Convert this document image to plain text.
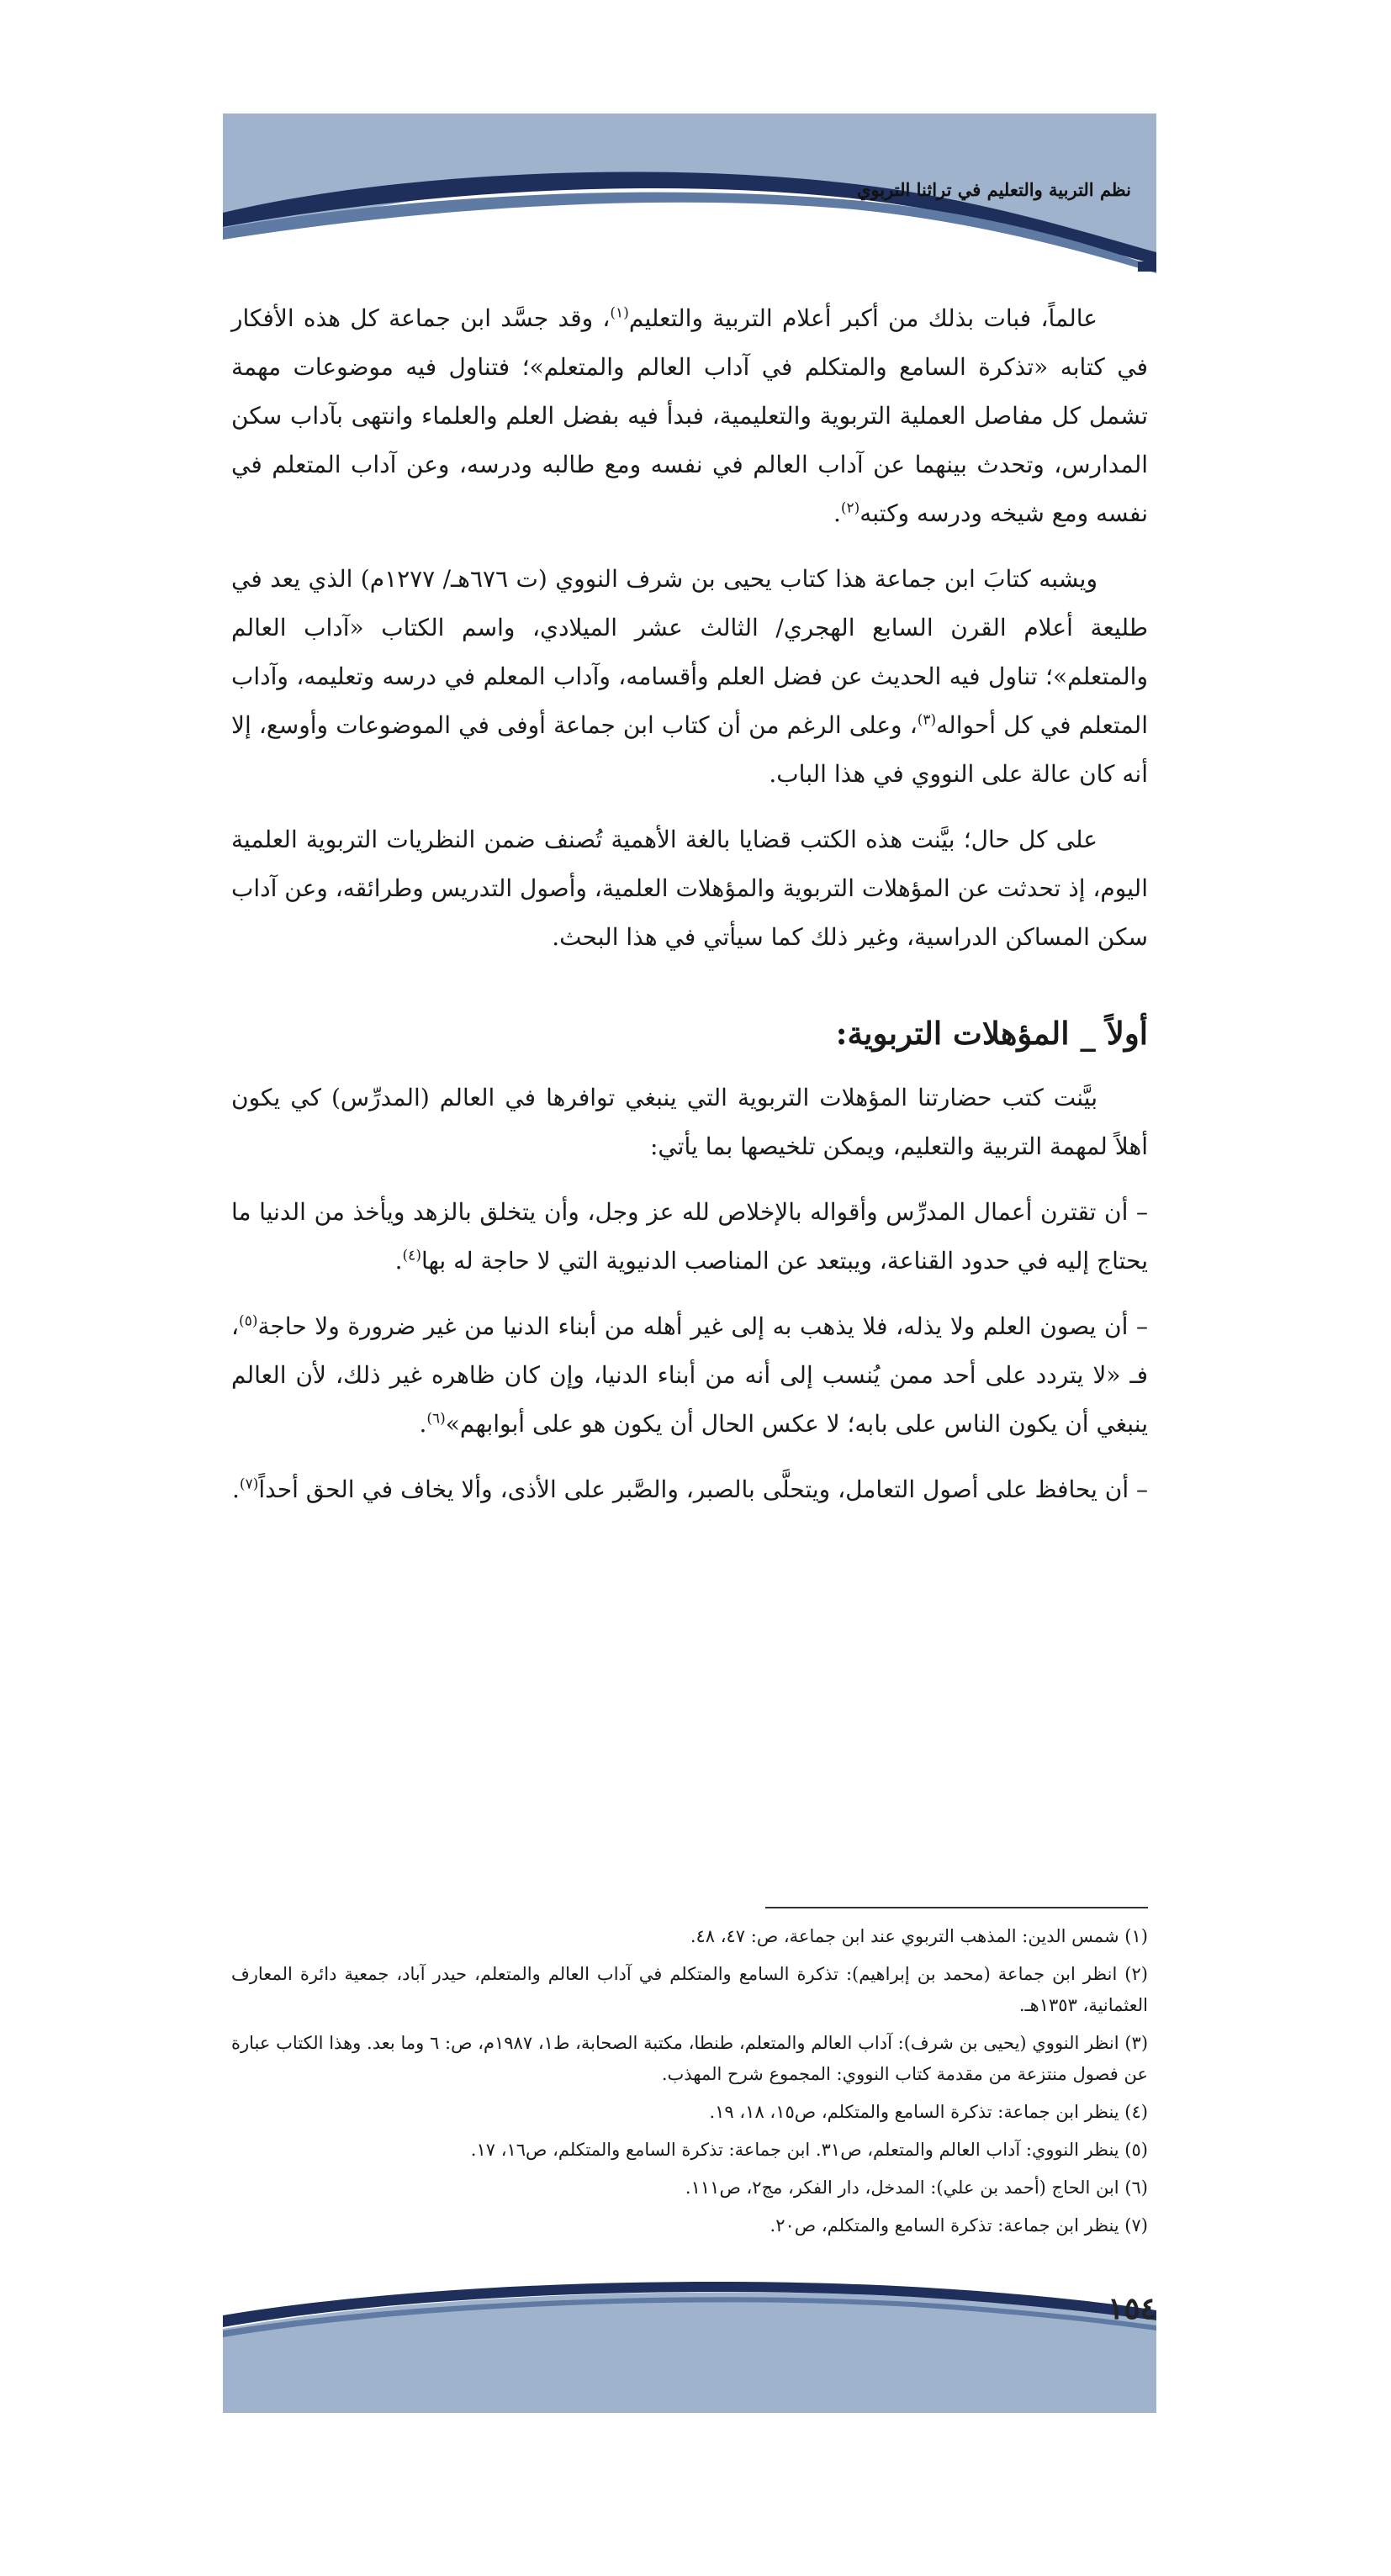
نظم التربية والتعليم في تراثنا التربوي

عالماً، فبات بذلك من أكبر أعلام التربية والتعليم$^{(١)}$، وقد جسَّد ابن جماعة كل هذه الأفكار في كتابه «تذكرة السامع والمتكلم في آداب العالم والمتعلم»؛ فتناول فيه موضوعات مهمة تشمل كل مفاصل العملية التربوية والتعليمية، فبدأ فيه بفضل العلم والعلماء وانتهى بآداب سكن المدارس، وتحدث بينهما عن آداب العالم في نفسه ومع طالبه ودرسه، وعن آداب المتعلم في نفسه ومع شيخه ودرسه وكتبه$^{(٢)}$.

ويشبه كتابَ ابن جماعة هذا كتاب يحيى بن شرف النووي (ت ٦٧٦هـ/ ١٢٧٧م) الذي يعد في طليعة أعلام القرن السابع الهجري/ الثالث عشر الميلادي، واسم الكتاب «آداب العالم والمتعلم»؛ تناول فيه الحديث عن فضل العلم وأقسامه، وآداب المعلم في درسه وتعليمه، وآداب المتعلم في كل أحواله$^{(٣)}$، وعلى الرغم من أن كتاب ابن جماعة أوفى في الموضوعات وأوسع، إلا أنه كان عالة على النووي في هذا الباب.

على كل حال؛ بيَّنت هذه الكتب قضايا بالغة الأهمية تُصنف ضمن النظريات التربوية العلمية اليوم، إذ تحدثت عن المؤهلات التربوية والمؤهلات العلمية، وأصول التدريس وطرائقه، وعن آداب سكن المساكن الدراسية، وغير ذلك كما سيأتي في هذا البحث.

أولاً _ المؤهلات التربوية:

بيَّنت كتب حضارتنا المؤهلات التربوية التي ينبغي توافرها في العالم (المدرِّس) كي يكون أهلاً لمهمة التربية والتعليم، ويمكن تلخيصها بما يأتي:

– أن تقترن أعمال المدرِّس وأقواله بالإخلاص لله عز وجل، وأن يتخلق بالزهد ويأخذ من الدنيا ما يحتاج إليه في حدود القناعة، ويبتعد عن المناصب الدنيوية التي لا حاجة له بها$^{(٤)}$.

– أن يصون العلم ولا يذله، فلا يذهب به إلى غير أهله من أبناء الدنيا من غير ضرورة ولا حاجة$^{(٥)}$، فـ «لا يتردد على أحد ممن يُنسب إلى أنه من أبناء الدنيا، وإن كان ظاهره غير ذلك، لأن العالم ينبغي أن يكون الناس على بابه؛ لا عكس الحال أن يكون هو على أبوابهم»$^{(٦)}$.

– أن يحافظ على أصول التعامل، ويتحلَّى بالصبر، والصَّبر على الأذى، وألا يخاف في الحق أحداً$^{(٧)}$.

(١) شمس الدين: المذهب التربوي عند ابن جماعة، ص: ٤٧، ٤٨.
(٢) انظر ابن جماعة (محمد بن إبراهيم): تذكرة السامع والمتكلم في آداب العالم والمتعلم، حيدر آباد، جمعية دائرة المعارف العثمانية، ١٣٥٣هـ.
(٣) انظر النووي (يحيى بن شرف): آداب العالم والمتعلم، طنطا، مكتبة الصحابة، ط١، ١٩٨٧م، ص: ٦ وما بعد. وهذا الكتاب عبارة عن فصول منتزعة من مقدمة كتاب النووي: المجموع شرح المهذب.
(٤) ينظر ابن جماعة: تذكرة السامع والمتكلم، ص١٥، ١٨، ١٩.
(٥) ينظر النووي: آداب العالم والمتعلم، ص٣١. ابن جماعة: تذكرة السامع والمتكلم، ص١٦، ١٧.
(٦) ابن الحاج (أحمد بن علي): المدخل، دار الفكر، مج٢، ص١١١.
(٧) ينظر ابن جماعة: تذكرة السامع والمتكلم، ص٢٠.
١٥٤
